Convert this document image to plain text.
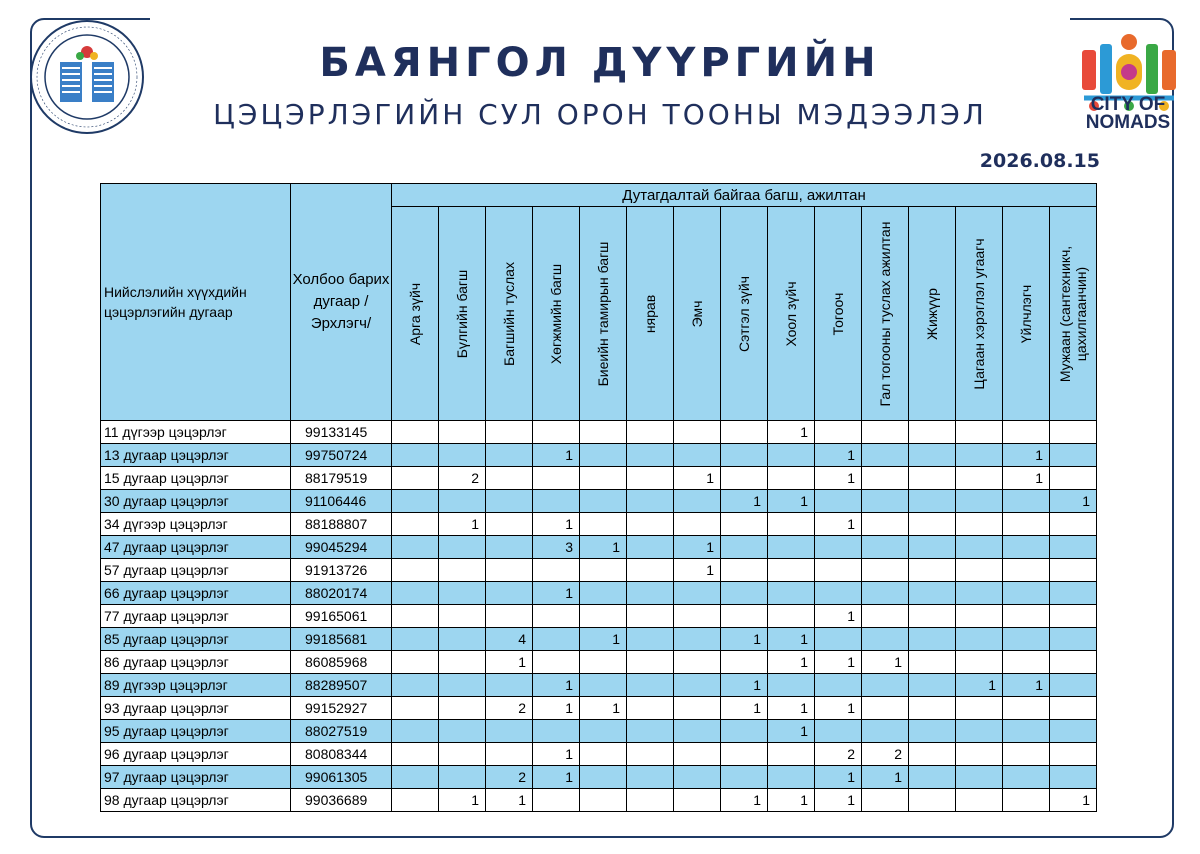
CITY OF NOMADS
БАЯНГОЛ ДҮҮРГИЙН
ЦЭЦЭРЛЭГИЙН СУЛ ОРОН ТООНЫ МЭДЭЭЛЭЛ
2026.08.15
Нийслэлийн хүүхдийн цэцэрлэгийн дугаар	Холбоо барих дугаар /Эрхлэгч/	Дутагдалтай байгаа багш, ажилтан														

		Арга зүйч	Бүлгийн багш	Багшийн туслах	Хөгжмийн багш	Биеийн тамирын багш	нярав	Эмч	Сэтгэл зүйч	Хоол зүйч	Тогооч	Гал тогооны туслах ажилтан	Жижүүр	Цагаан хэрэглэл угаагч	Үйлчлэгч	Мужаан (сантехникч, цахилгаанчин)

11 дүгээр цэцэрлэг	99133145									1						
13 дугаар цэцэрлэг	99750724				1						1				1	
15 дугаар цэцэрлэг	88179519		2					1			1				1	
30 дугаар цэцэрлэг	91106446								1	1						1
34 дүгээр цэцэрлэг	88188807		1		1						1					
47 дугаар цэцэрлэг	99045294				3	1		1								
57 дугаар цэцэрлэг	91913726							1								
66 дугаар цэцэрлэг	88020174				1											
77 дугаар цэцэрлэг	99165061										1					
85 дугаар цэцэрлэг	99185681			4		1			1	1						
86 дугаар цэцэрлэг	86085968			1						1	1	1				
89 дүгээр цэцэрлэг	88289507				1				1					1	1	
93 дугаар цэцэрлэг	99152927			2	1	1			1	1	1					
95 дугаар цэцэрлэг	88027519									1						
96 дугаар цэцэрлэг	80808344				1						2	2				
97 дугаар цэцэрлэг	99061305			2	1						1	1				
98 дугаар цэцэрлэг	99036689		1	1					1	1	1					1
